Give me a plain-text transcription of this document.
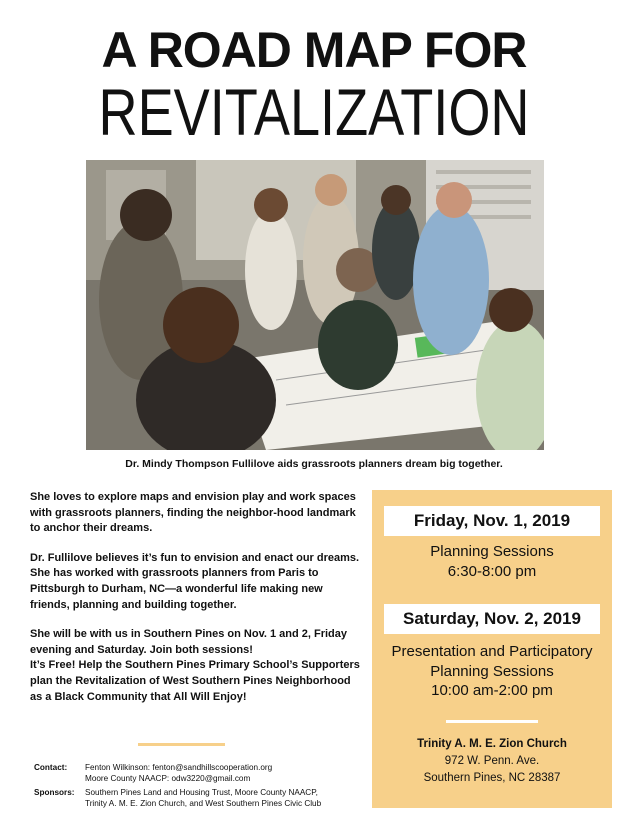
A ROAD MAP FOR
REVITALIZATION
Dr. Mindy Thompson Fullilove aids grassroots planners dream big together.

She loves to explore maps and envision play and work spaces with grassroots planners, finding the neighbor-hood landmark to anchor their dreams.

Dr. Fullilove believes it’s fun to envision and enact our dreams. She has worked with grassroots planners from Paris to Pittsburgh to Durham, NC—a wonderful life making new friends, planning and building together.

She will be with us in Southern Pines on Nov. 1 and 2, Friday evening and Saturday. Join both sessions!

It’s Free! Help the Southern Pines Primary School’s Supporters plan the Revitalization of West Southern Pines Neighborhood as a Black Community that All Will Enjoy!

Contact:	Fenton Wilkinson: fenton@sandhillscooperation.org
Moore County NAACP: odw3220@gmail.com
Sponsors:	Southern Pines Land and Housing Trust, Moore County NAACP,
Trinity A. M. E. Zion Church, and West Southern Pines Civic Club
Friday, Nov. 1, 2019
Planning Sessions
6:30-8:00 pm
Saturday, Nov. 2, 2019
Presentation and Participatory
Planning Sessions
10:00 am-2:00 pm
Trinity A. M. E. Zion Church
972 W. Penn. Ave.
Southern Pines, NC 28387
